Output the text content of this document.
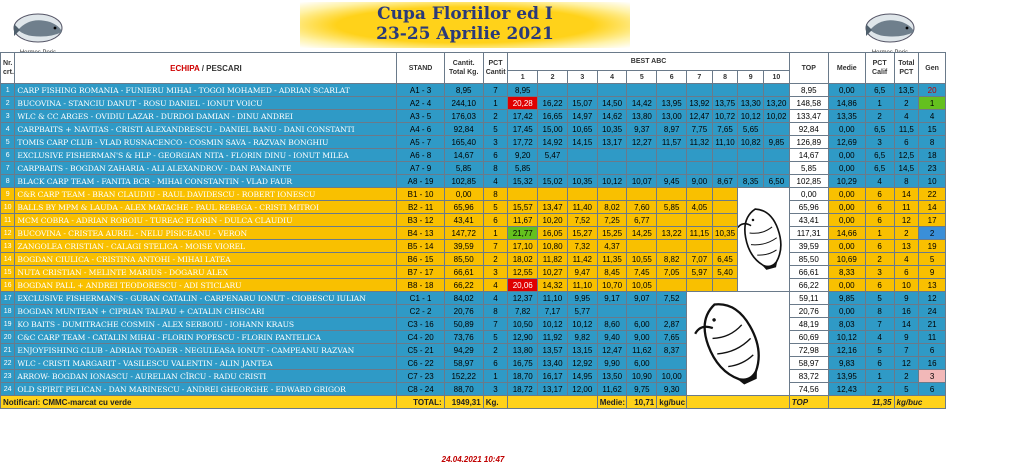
Cupa Floriilor ed I
23-25 Aprilie 2021
Nr. crt.	ECHIPA / PESCARI	STAND	Cantit. Total Kg.	PCT Cantit	BEST ABC										TOP	Medie	PCT Calif	Total PCT	Gen
					1	2	3	4	5	6	7	8	9	10					
1	CARP FISHING ROMANIA - FUNIERU MIHAI - TOGOI MOHAMED - ADRIAN SCARLAT	A1 - 3	8,95	7	8,95										8,95	0,00	6,5	13,5	20
2	BUCOVINA - STANCIU DANUT - ROSU DANIEL - IONUT VOICU	A2 - 4	244,10	1	20,28	16,22	15,07	14,50	14,42	13,95	13,92	13,75	13,30	13,20	148,58	14,86	1	2	1
3	WLC & CC ARGES - OVIDIU LAZAR - DURDOI DAMIAN - DINU ANDREI	A3 - 5	176,03	2	17,42	16,65	14,97	14,62	13,80	13,00	12,47	10,72	10,12	10,02	133,47	13,35	2	4	4
4	CARPBAITS + NAVITAS - CRISTI ALEXANDRESCU - DANIEL BANU - DANI CONSTANTI	A4 - 6	92,84	5	17,45	15,00	10,65	10,35	9,37	8,97	7,75	7,65	5,65		92,84	0,00	6,5	11,5	15
5	TOMIS CARP CLUB - VLAD RUSNACENCO - COSMIN SAVA - RAZVAN BONGHIU	A5 - 7	165,40	3	17,72	14,92	14,15	13,17	12,27	11,57	11,32	11,10	10,82	9,85	126,89	12,69	3	6	8
6	EXCLUSIVE FISHERMAN'S & HLP - GEORGIAN NITA - FLORIN DINU - IONUT MILEA	A6 - 8	14,67	6	9,20	5,47									14,67	0,00	6,5	12,5	18
7	CARPBAITS - BOGDAN ZAHARIA - ALI ALEXANDROV - DAN PANAINTE	A7 - 9	5,85	8	5,85										5,85	0,00	6,5	14,5	23
8	BLACK CARP TEAM - FANITA BCR - MIHAI CONSTANTIN - VLAD FAUR	A8 - 19	102,85	4	15,32	15,02	10,35	10,12	10,07	9,45	9,00	8,67	8,35	6,50	102,85	10,29	4	8	10
9	C&R CARP TEAM - BRAN CLAUDIU - RAUL DAVIDESCU - ROBERT IONESCU	B1 - 10	0,00	8											0,00	0,00	6	14	22
10	BALLS BY MPM & LAUDA - ALEX MATACHE - PAUL REBEGA - CRISTI MITROI	B2 - 11	65,96	5	15,57	13,47	11,40	8,02	7,60	5,85	4,05				65,96	0,00	6	11	14
11	MCM COBRA - ADRIAN ROBOIU - TUREAC FLORIN - DULCA CLAUDIU	B3 - 12	43,41	6	11,67	10,20	7,52	7,25	6,77						43,41	0,00	6	12	17
12	BUCOVINA - CRISTEA AUREL - NELU PISICEANU - VERON	B4 - 13	147,72	1	21,77	16,05	15,27	15,25	14,25	13,22	11,15	10,35			117,31	14,66	1	2	2
13	ZANGOLEA CRISTIAN - CALAGI STELICA - MOISE VIOREL	B5 - 14	39,59	7	17,10	10,80	7,32	4,37							39,59	0,00	6	13	19
14	BOGDAN CIULICA - CRISTINA ANTOHI - MIHAI LATEA	B6 - 15	85,50	2	18,02	11,82	11,42	11,35	10,55	8,82	7,07	6,45			85,50	10,69	2	4	5
15	NUTA CRISTIAN - MELINTE MARIUS - DOGARU ALEX	B7 - 17	66,61	3	12,55	10,27	9,47	8,45	7,45	7,05	5,97	5,40			66,61	8,33	3	6	9
16	BOGDAN PALL + ANDREI TEODORESCU - ADI STICLARU	B8 - 18	66,22	4	20,06	14,32	11,10	10,70	10,05						66,22	0,00	6	10	13
17	EXCLUSIVE FISHERMAN'S - GURAN CATALIN - CARPENARU IONUT - CIOBESCU IULIAN	C1 - 1	84,02	4	12,37	11,10	9,95	9,17	9,07	7,52					59,11	9,85	5	9	12
18	BOGDAN MUNTEAN + CIPRIAN TALPAU + CATALIN CHISCARI	C2 - 2	20,76	8	7,82	7,17	5,77								20,76	0,00	8	16	24
19	KO BAITS - DUMITRACHE COSMIN - ALEX SERBOIU - IOHANN KRAUS	C3 - 16	50,89	7	10,50	10,12	10,12	8,60	6,00	2,87					48,19	8,03	7	14	21
20	C&C CARP TEAM - CATALIN MIHAI - FLORIN POPESCU - FLORIN PANTELICA	C4 - 20	73,76	5	12,90	11,92	9,82	9,40	9,00	7,65					60,69	10,12	4	9	11
21	ENJOYFISHING CLUB - ADRIAN TOADER - NEGULEASA IONUT - CAMPEANU RAZVAN	C5 - 21	94,29	2	13,80	13,57	13,15	12,47	11,62	8,37					72,98	12,16	5	7	6
22	WLC - CRISTI MARGARIT - VASILESCU VALENTIN - ALIN JANTEA	C6 - 22	58,97	6	16,75	13,40	12,92	9,90	6,00						58,97	9,83	6	12	16
23	ARROW- BOGDAN IONASCU - AURELIAN CÎRCU - RADU CRISTI	C7 - 23	152,22	1	18,70	16,17	14,95	13,50	10,90	10,00					83,72	13,95	1	2	3
24	OLD SPIRIT PELICAN - DAN MARINESCU - ANDREI GHEORGHE - EDWARD GRIGOR	C8 - 24	88,70	3	18,72	13,17	12,00	11,62	9,75	9,30					74,56	12,43	2	5	6
Notificari: CMMC-marcat cu verde		TOTAL:	1949,31	Kg.				Medie:	10,71	kg/buc					TOP	11,35		kg/buc	
24.04.2021 10:47
